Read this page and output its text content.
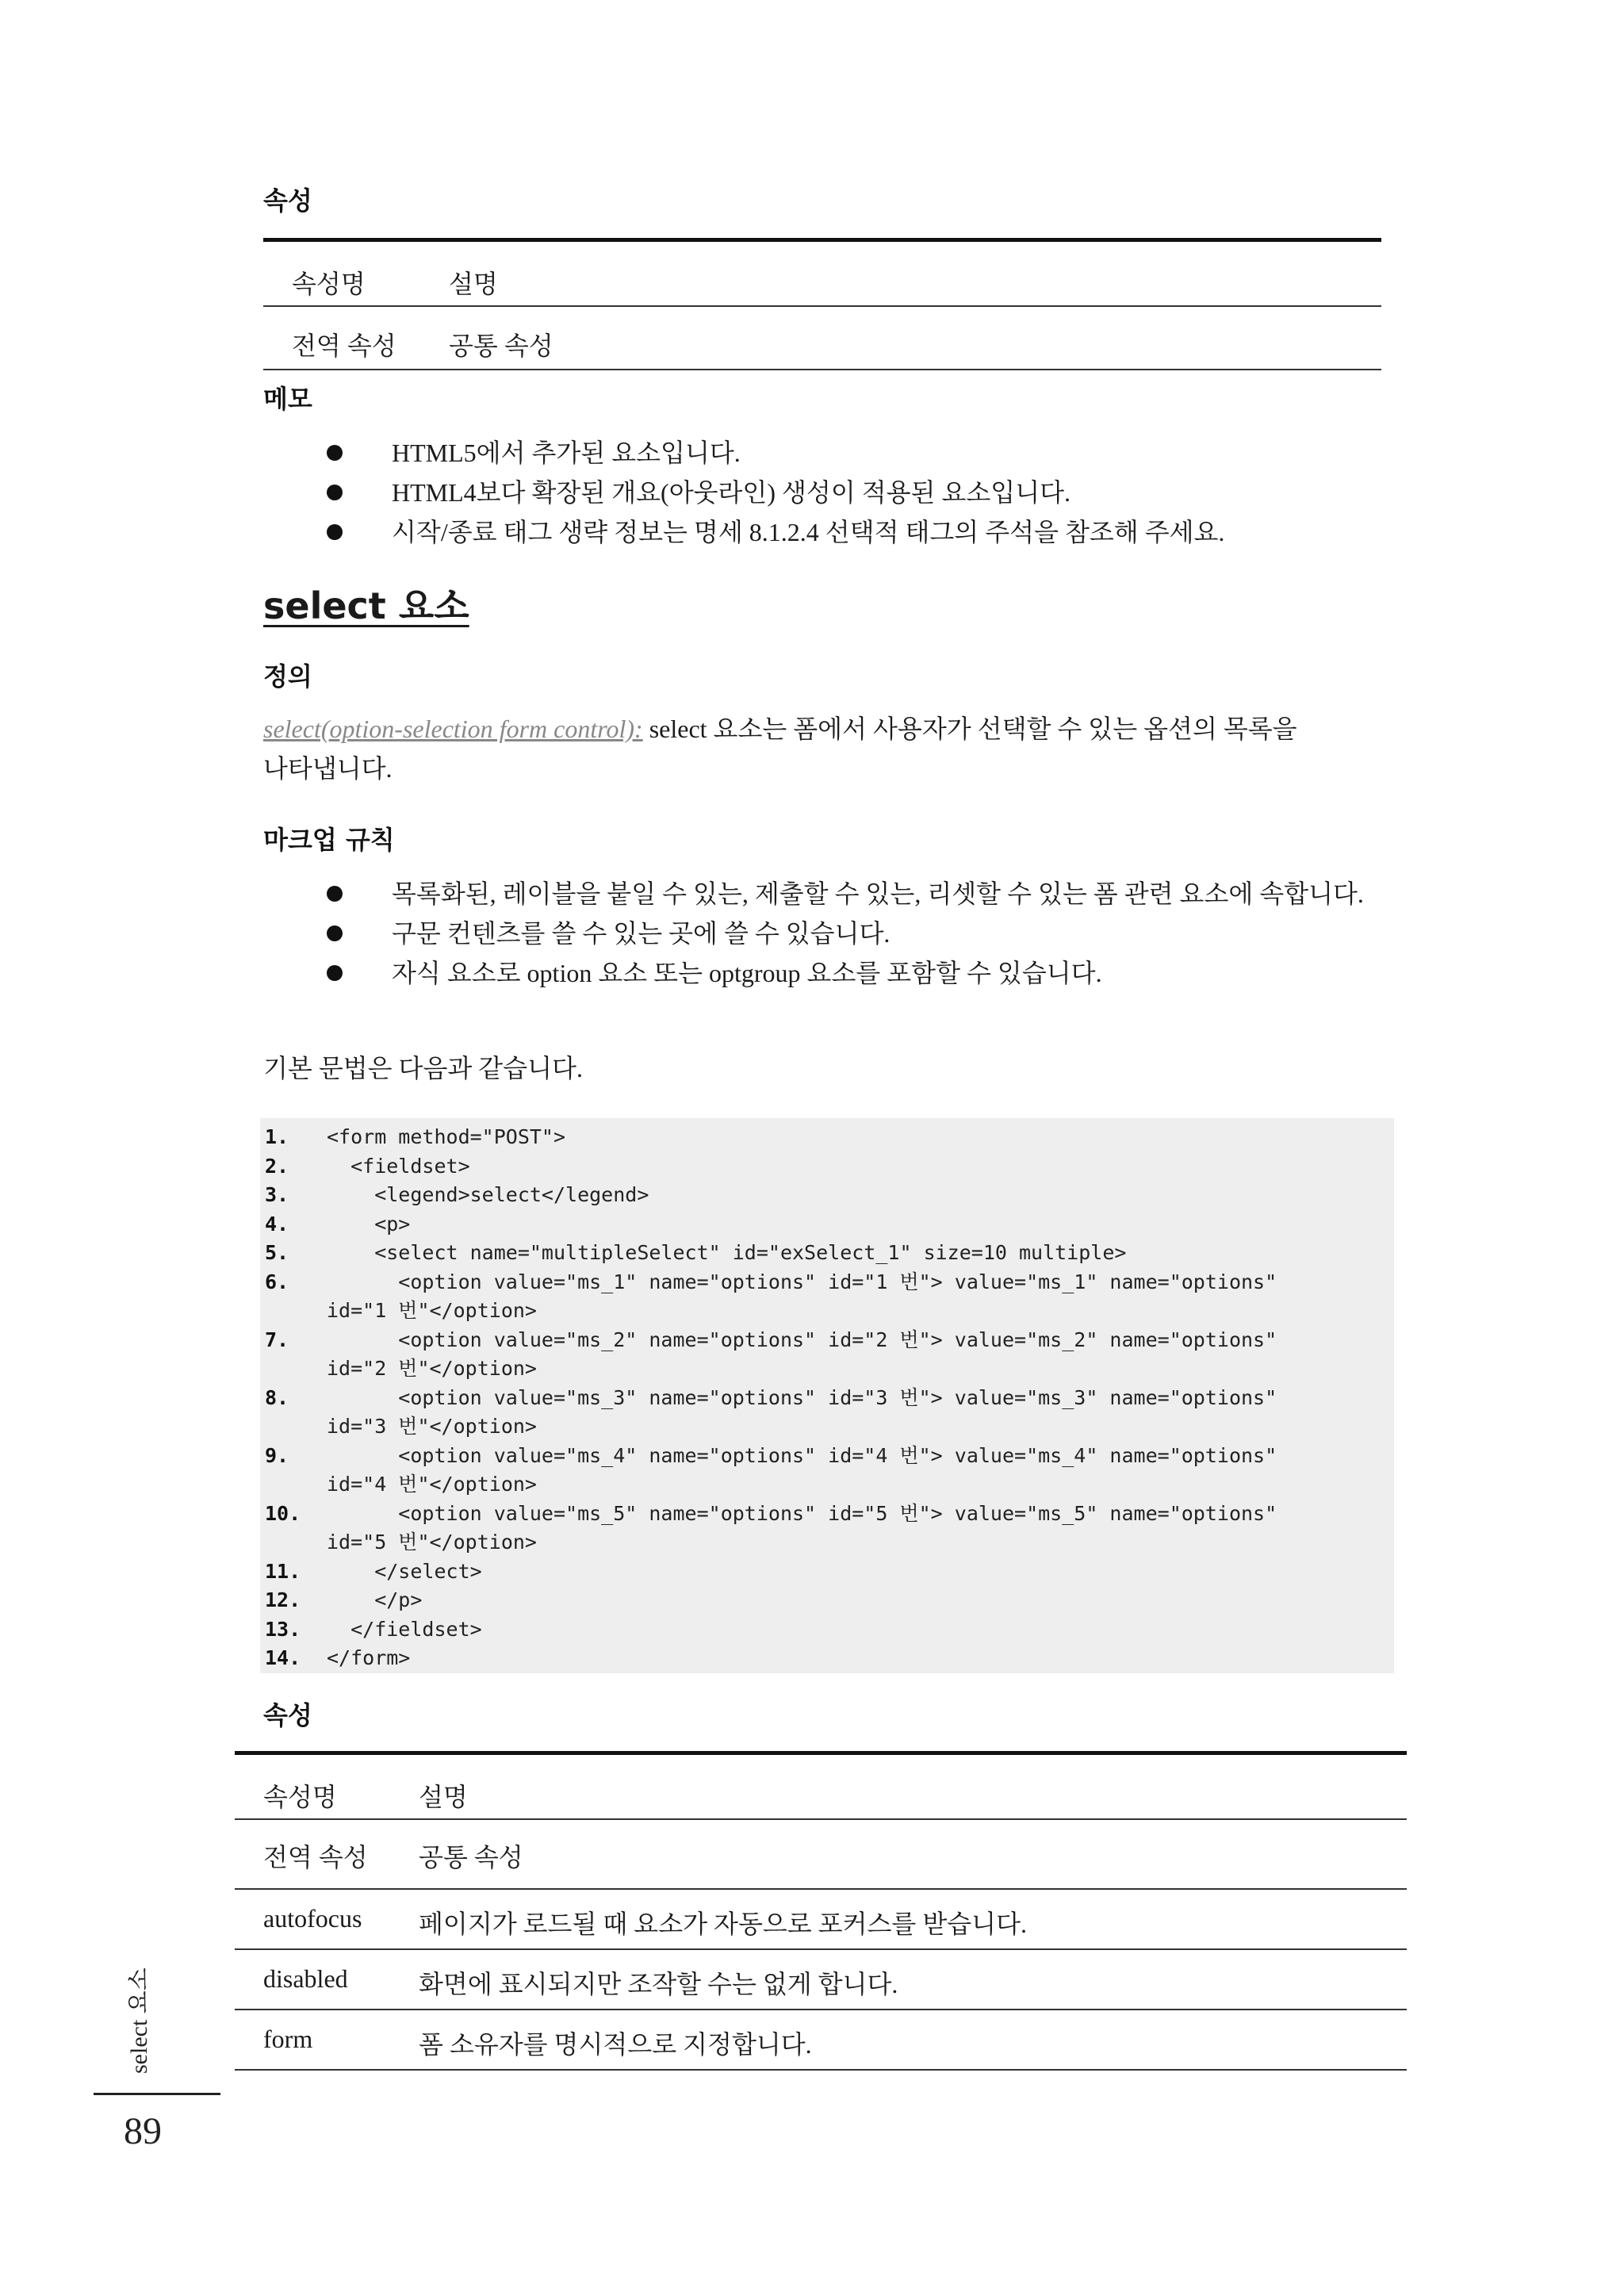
속성
속성명	설명
전역 속성	공통 속성
메모
HTML5에서 추가된 요소입니다.
HTML4보다 확장된 개요(아웃라인) 생성이 적용된 요소입니다.
시작/종료 태그 생략 정보는 명세 8.1.2.4 선택적 태그의 주석을 참조해 주세요.
select 요소
정의

select(option-selection form control): select 요소는 폼에서 사용자가 선택할 수 있는 옵션의 목록을
나타냅니다.

마크업 규칙
목록화된, 레이블을 붙일 수 있는, 제출할 수 있는, 리셋할 수 있는 폼 관련 요소에 속합니다.
구문 컨텐츠를 쓸 수 있는 곳에 쓸 수 있습니다.
자식 요소로 option 요소 또는 optgroup 요소를 포함할 수 있습니다.

기본 문법은 다음과 같습니다.

1. <form method="POST">
2. <fieldset>
3. <legend>select</legend>
4. <p>
5. <select name="multipleSelect" id="exSelect_1" size=10 multiple>
6. <option value="ms_1" name="options" id="1 번"> value="ms_1" name="options"
id="1 번"</option>
7. <option value="ms_2" name="options" id="2 번"> value="ms_2" name="options"
id="2 번"</option>
8. <option value="ms_3" name="options" id="3 번"> value="ms_3" name="options"
id="3 번"</option>
9. <option value="ms_4" name="options" id="4 번"> value="ms_4" name="options"
id="4 번"</option>
10. <option value="ms_5" name="options" id="5 번"> value="ms_5" name="options"
id="5 번"</option>
11. </select>
12. </p>
13. </fieldset>
14. </form>
속성
속성명	설명
전역 속성	공통 속성
autofocus	페이지가 로드될 때 요소가 자동으로 포커스를 받습니다.
disabled	화면에 표시되지만 조작할 수는 없게 합니다.
form	폼 소유자를 명시적으로 지정합니다.
select 요소
89
